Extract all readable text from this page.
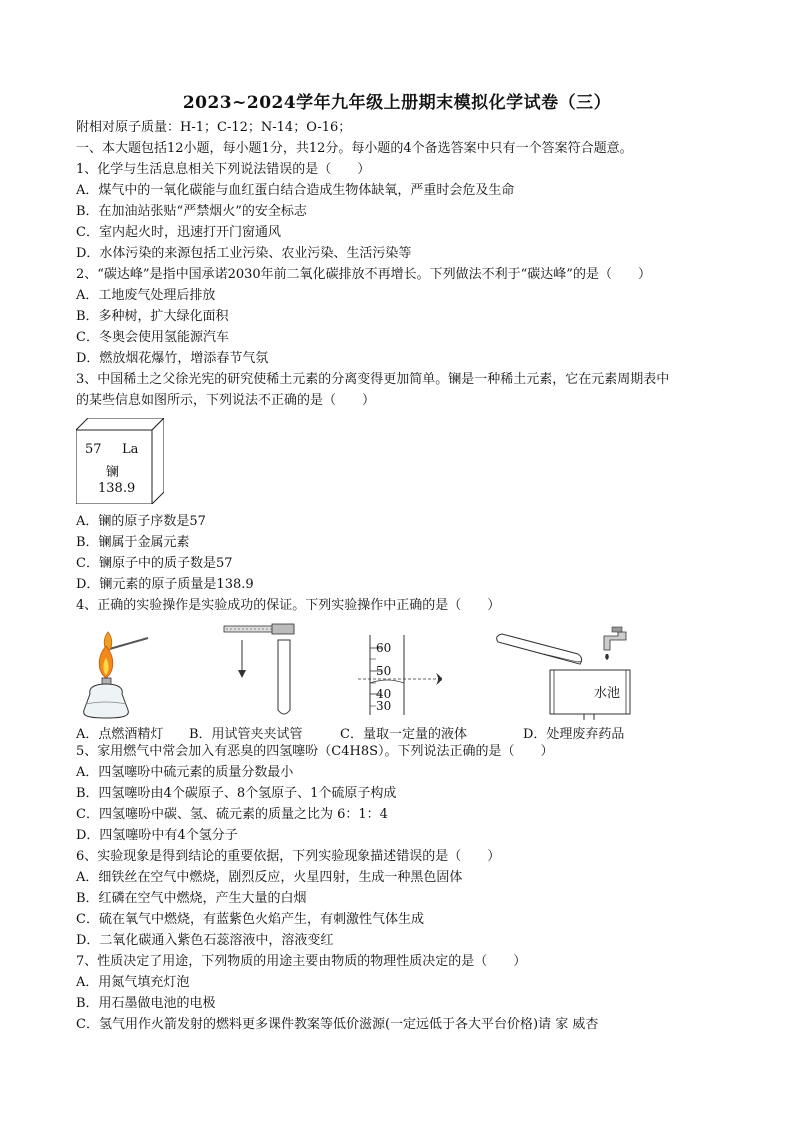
2023~2024学年九年级上册期末模拟化学试卷（三）
附相对原子质量：H-1；C-12；N-14；O-16；
一、本大题包括12小题，每小题1分，共12分。每小题的4个备选答案中只有一个答案符合题意。
1、化学与生活息息相关下列说法错误的是（　　）
A．煤气中的一氧化碳能与血红蛋白结合造成生物体缺氧，严重时会危及生命
B．在加油站张贴“严禁烟火”的安全标志
C．室内起火时，迅速打开门窗通风
D．水体污染的来源包括工业污染、农业污染、生活污染等
2、“碳达峰”是指中国承诺2030年前二氧化碳排放不再增长。下列做法不利于“碳达峰”的是（　　）
A．工地废气处理后排放
B．多种树，扩大绿化面积
C．冬奥会使用氢能源汽车
D．燃放烟花爆竹，增添春节气氛
3、中国稀土之父徐光宪的研究使稀土元素的分离变得更加简单。镧是一种稀土元素，它在元素周期表中
的某些信息如图所示，下列说法不正确的是（　　）
57 La
镧
138.9
A．镧的原子序数是57
B．镧属于金属元素
C．镧原子中的质子数是57
D．镧元素的原子质量是138.9
4、正确的实验操作是实验成功的保证。下列实验操作中正确的是（　　）
60
50
40
30
水池
A．点燃酒精灯 B．用试管夹夹试管	C．量取一定量的液体	D．处理废弃药品
5、家用燃气中常会加入有恶臭的四氢噻吩（C4H8S）。下列说法正确的是（　　）
A．四氢噻吩中硫元素的质量分数最小
B．四氢噻吩由4个碳原子、8个氢原子、1个硫原子构成
C．四氢噻吩中碳、氢、硫元素的质量之比为 6：1：4
D．四氢噻吩中有4个氢分子
6、实验现象是得到结论的重要依据，下列实验现象描述错误的是（　　）
A．细铁丝在空气中燃烧，剧烈反应，火星四射，生成一种黑色固体
B．红磷在空气中燃烧，产生大量的白烟
C．硫在氧气中燃烧，有蓝紫色火焰产生，有刺激性气体生成
D．二氧化碳通入紫色石蕊溶液中，溶液变红
7、性质决定了用途，下列物质的用途主要由物质的物理性质决定的是（　　）
A．用氮气填充灯泡
B．用石墨做电池的电极
C．氢气用作火箭发射的燃料更多课件教案等低价滋源(一定远低于各大平台价格)请 家 威杏
